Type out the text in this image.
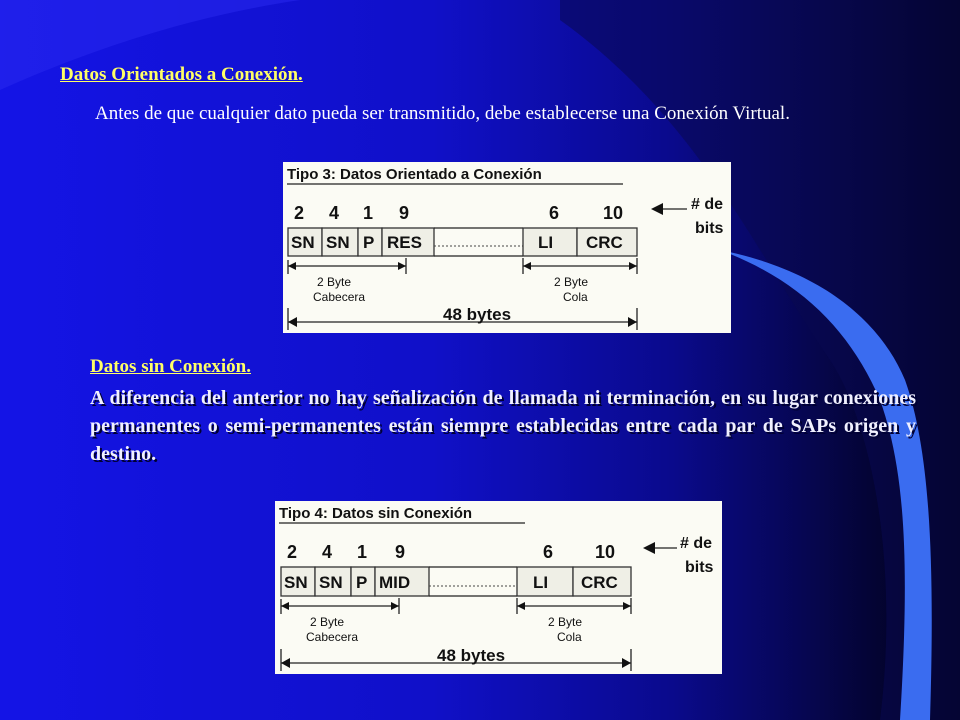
Datos Orientados a Conexión.
Antes de que cualquier dato pueda ser transmitido, debe establecerse una Conexión Virtual.
Tipo 3: Datos Orientado a Conexión
2 4 1 9	6 10
SN SN P RES	LI CRC
# de
bits
2 Byte
Cabecera
2 Byte
Cola
48 bytes
Datos sin Conexión.
A diferencia del anterior no hay señalización de llamada ni terminación, en su lugar conexiones permanentes o semi-permanentes están siempre establecidas entre cada par de SAPs origen y destino.
Tipo 4: Datos sin Conexión
2 4 1 9	6 10
SN SN P MID	LI CRC
# de
bits
2 Byte
Cabecera
2 Byte
Cola
48 bytes
